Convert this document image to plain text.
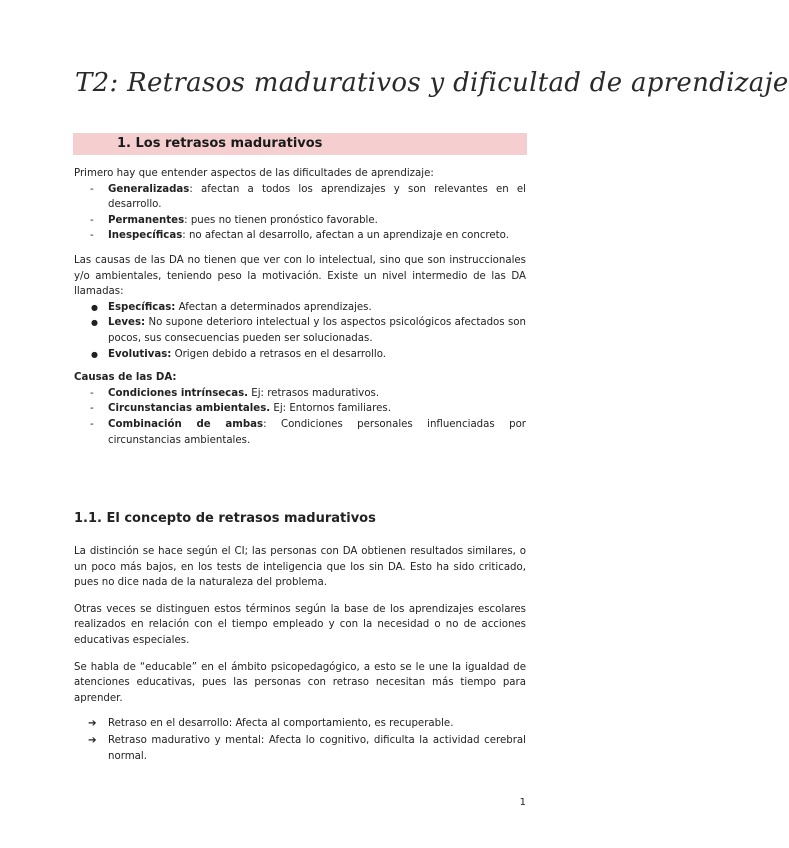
T2: Retrasos madurativos y dificultad de aprendizaje
1. Los retrasos madurativos

Primero hay que entender aspectos de las dificultades de aprendizaje:

- Generalizadas: afectan a todos los aprendizajes y son relevantes en el desarrollo.
- Permanentes: pues no tienen pronóstico favorable.
- Inespecíficas: no afectan al desarrollo, afectan a un aprendizaje en concreto.

Las causas de las DA no tienen que ver con lo intelectual, sino que son instruccionales y/o ambientales, teniendo peso la motivación. Existe un nivel intermedio de las DA llamadas:

● Específicas: Afectan a determinados aprendizajes.
● Leves: No supone deterioro intelectual y los aspectos psicológicos afectados son pocos, sus consecuencias pueden ser solucionadas.
● Evolutivas: Origen debido a retrasos en el desarrollo.

Causas de las DA:

- Condiciones intrínsecas. Ej: retrasos madurativos.
- Circunstancias ambientales. Ej: Entornos familiares.
- Combinación de ambas: Condiciones personales influenciadas por circunstancias ambientales.
1.1. El concepto de retrasos madurativos

La distinción se hace según el CI; las personas con DA obtienen resultados similares, o un poco más bajos, en los tests de inteligencia que los sin DA. Esto ha sido criticado, pues no dice nada de la naturaleza del problema.

Otras veces se distinguen estos términos según la base de los aprendizajes escolares realizados en relación con el tiempo empleado y con la necesidad o no de acciones educativas especiales.

Se habla de “educable” en el ámbito psicopedagógico, a esto se le une la igualdad de atenciones educativas, pues las personas con retraso necesitan más tiempo para aprender.

➔ Retraso en el desarrollo: Afecta al comportamiento, es recuperable.
➔ Retraso madurativo y mental: Afecta lo cognitivo, dificulta la actividad cerebral normal.
1
